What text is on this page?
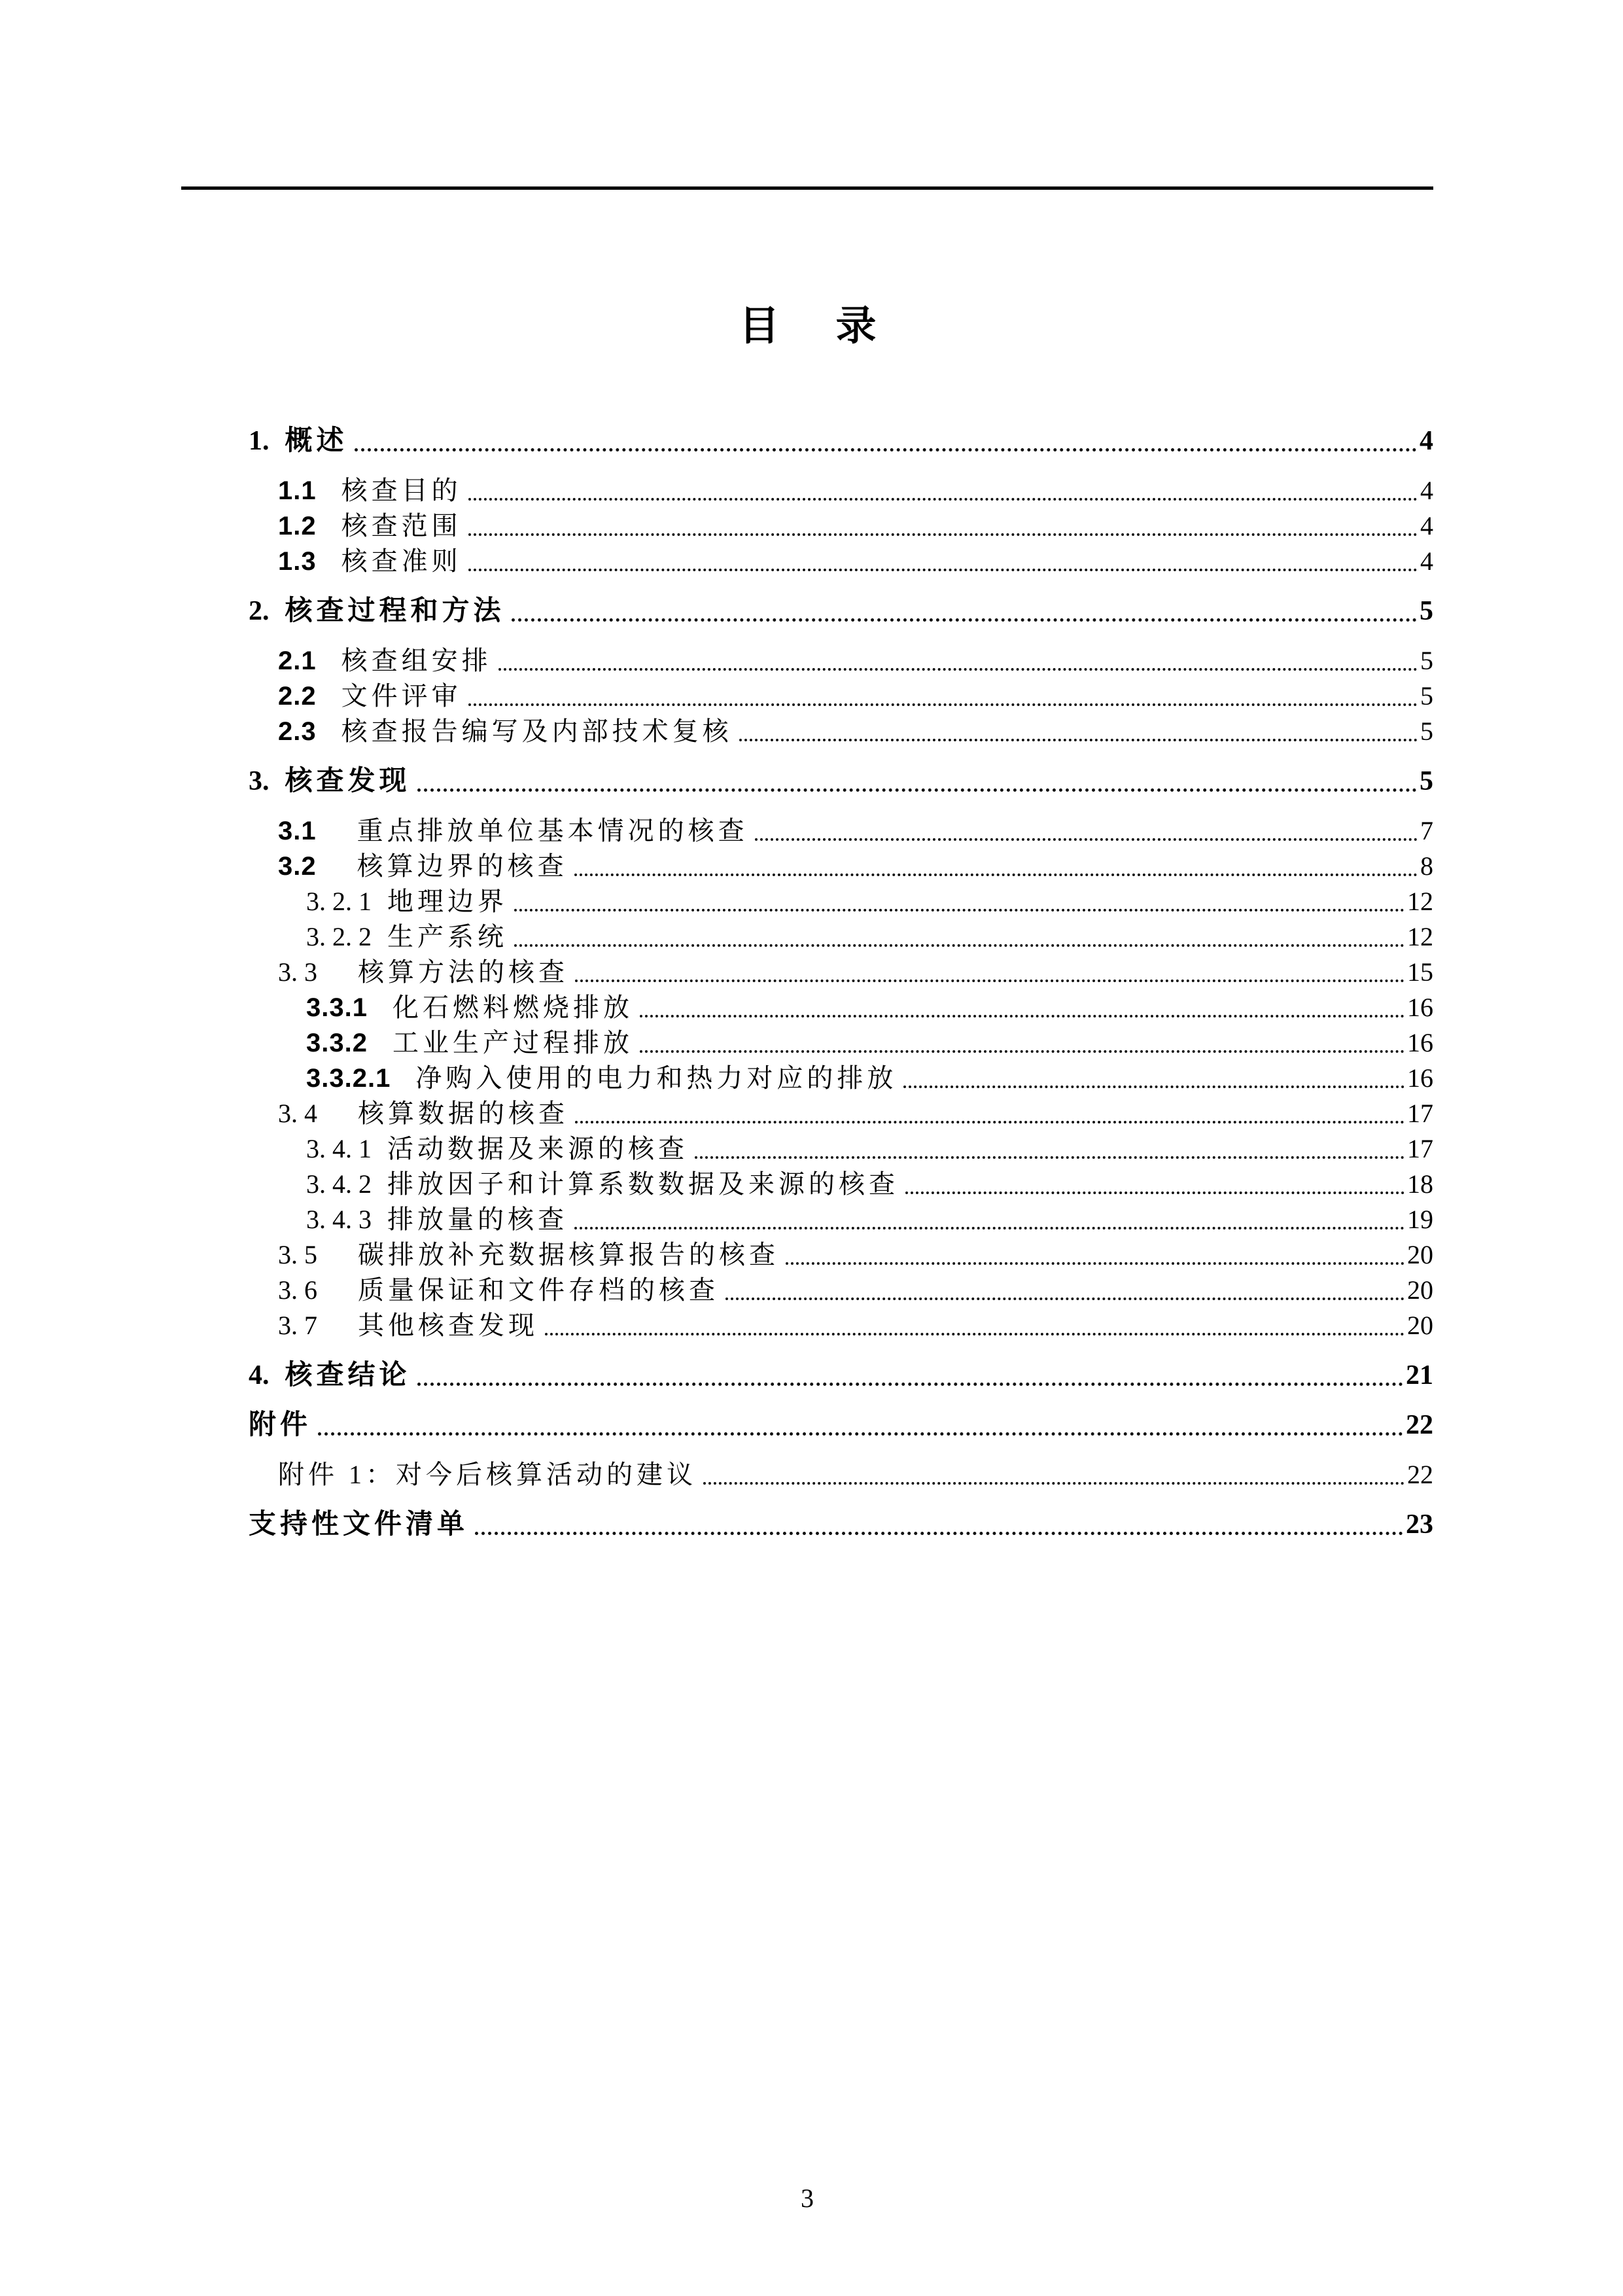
目　录
1. 概述	4
1.1 核查目的	4
1.2 核查范围	4
1.3 核查准则	4
2. 核查过程和方法	5
2.1 核查组安排	5
2.2 文件评审	5
2.3 核查报告编写及内部技术复核	5
3. 核查发现	5
3.1 重点排放单位基本情况的核查	7
3.2 核算边界的核查	8
3. 2. 1 地理边界	12
3. 2. 2 生产系统	12
3. 3 核算方法的核查	15
3.3.1 化石燃料燃烧排放	16
3.3.2 工业生产过程排放	16
3.3.2.1 净购入使用的电力和热力对应的排放	16
3. 4 核算数据的核查	17
3. 4. 1 活动数据及来源的核查	17
3. 4. 2 排放因子和计算系数数据及来源的核查	18
3. 4. 3 排放量的核查	19
3. 5 碳排放补充数据核算报告的核查	20
3. 6 质量保证和文件存档的核查	20
3. 7 其他核查发现	20
4. 核查结论	21
附件	22
附件 1：对今后核算活动的建议	22
支持性文件清单	23
3
